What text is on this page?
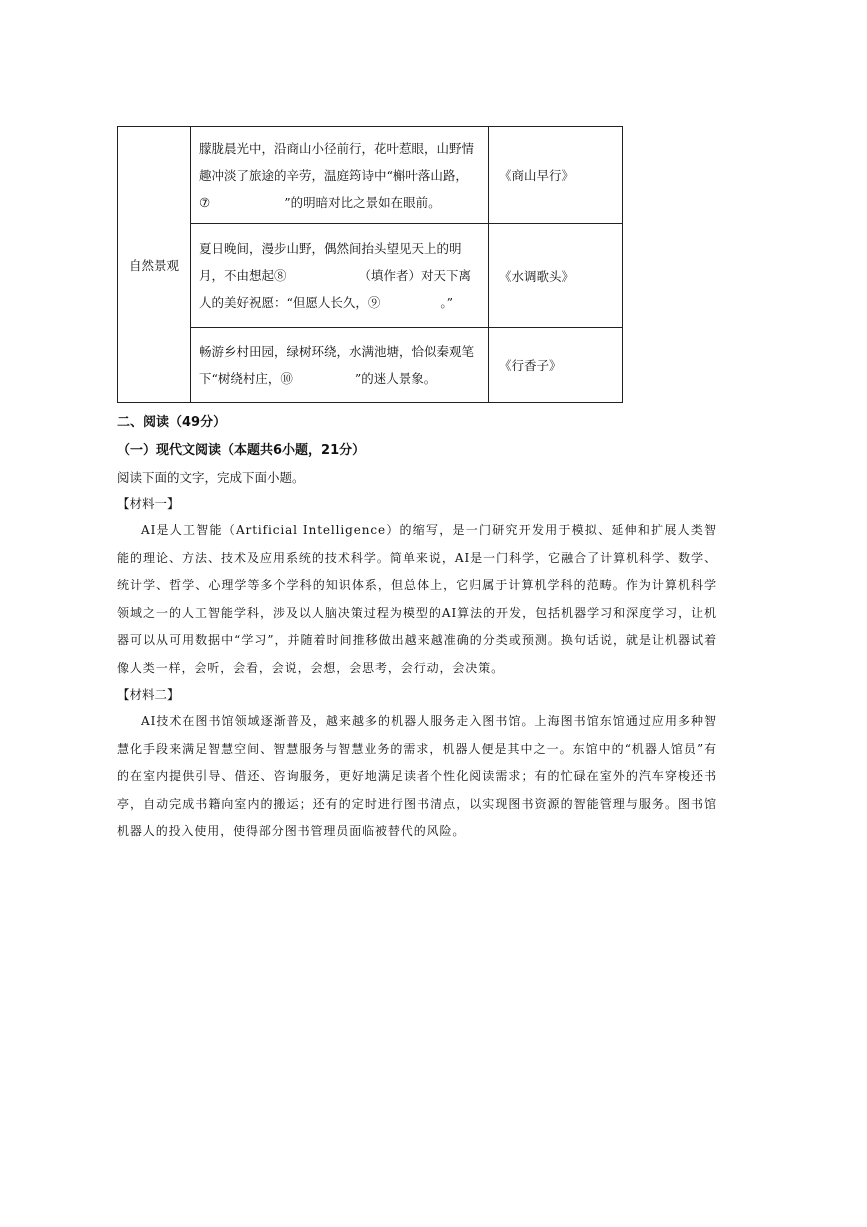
自然景观	朦胧晨光中，沿商山小径前行，花叶惹眼，山野情趣冲淡了旅途的辛劳，温庭筠诗中“槲叶落山路，
⑦ ”的明暗对比之景如在眼前。	《商山早行》
	夏日晚间，漫步山野，偶然间抬头望见天上的明月，不由想起⑧ （填作者）对天下离人的美好祝愿：“但愿人长久，⑨ 。”	《水调歌头》
	畅游乡村田园，绿树环绕，水满池塘，恰似秦观笔下“树绕村庄，⑩ ”的迷人景象。	《行香子》

二、阅读（49分）

（一）现代文阅读（本题共6小题，21分）

阅读下面的文字，完成下面小题。

【材料一】

AI是人工智能（Artificial Intelligence）的缩写，是一门研究开发用于模拟、延伸和扩展人类智能的理论、方法、技术及应用系统的技术科学。简单来说，AI是一门科学，它融合了计算机科学、数学、统计学、哲学、心理学等多个学科的知识体系，但总体上，它归属于计算机学科的范畴。作为计算机科学领域之一的人工智能学科，涉及以人脑决策过程为模型的AI算法的开发，包括机器学习和深度学习，让机器可以从可用数据中“学习”，并随着时间推移做出越来越准确的分类或预测。换句话说，就是让机器试着像人类一样，会听，会看，会说，会想，会思考，会行动，会决策。

【材料二】

AI技术在图书馆领域逐渐普及，越来越多的机器人服务走入图书馆。上海图书馆东馆通过应用多种智慧化手段来满足智慧空间、智慧服务与智慧业务的需求，机器人便是其中之一。东馆中的“机器人馆员”有的在室内提供引导、借还、咨询服务，更好地满足读者个性化阅读需求；有的忙碌在室外的汽车穿梭还书亭，自动完成书籍向室内的搬运；还有的定时进行图书清点，以实现图书资源的智能管理与服务。图书馆机器人的投入使用，使得部分图书管理员面临被替代的风险。
